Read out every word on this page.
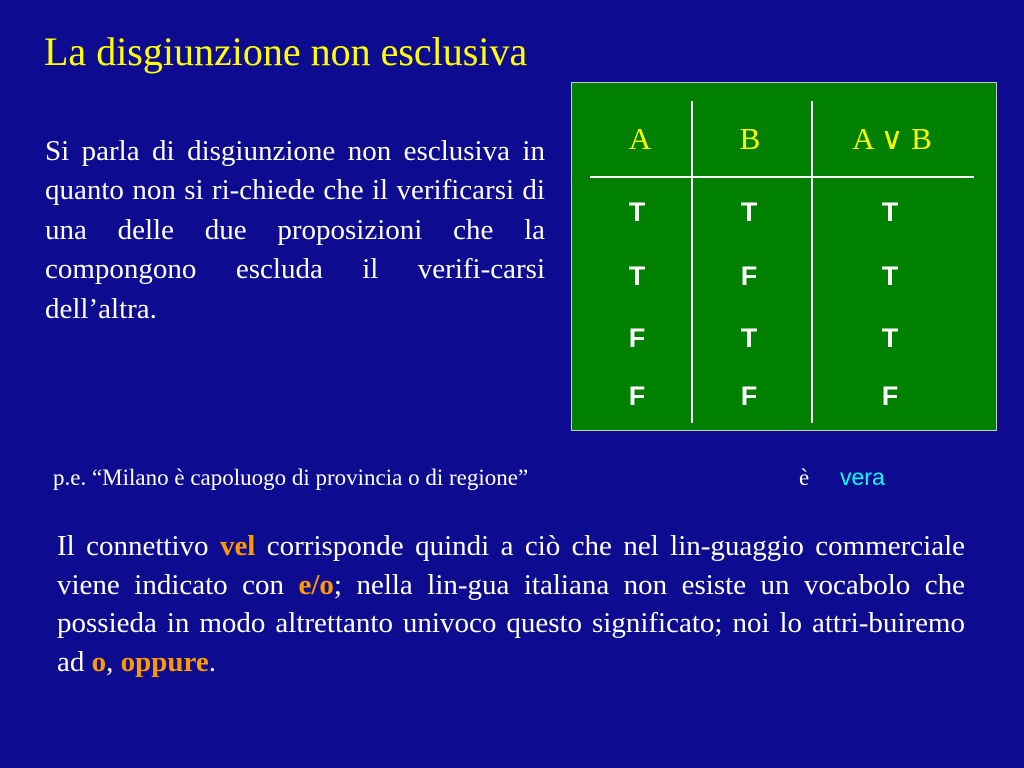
La disgiunzione non esclusiva
Si parla di disgiunzione non esclusiva in quanto non si ri-chiede che il verificarsi di una delle due proposizioni che la compongono escluda il verifi-carsi dell’altra.
A	B	A ∨ B
T	T	T
T	F	T
F	T	T
F	F	F
p.e. “Milano è capoluogo di provincia o di regione”	è vera
Il connettivo vel corrisponde quindi a ciò che nel lin-guaggio commerciale viene indicato con e/o; nella lin-gua italiana non esiste un vocabolo che possieda in modo altrettanto univoco questo significato; noi lo attri-buiremo ad o, oppure.
